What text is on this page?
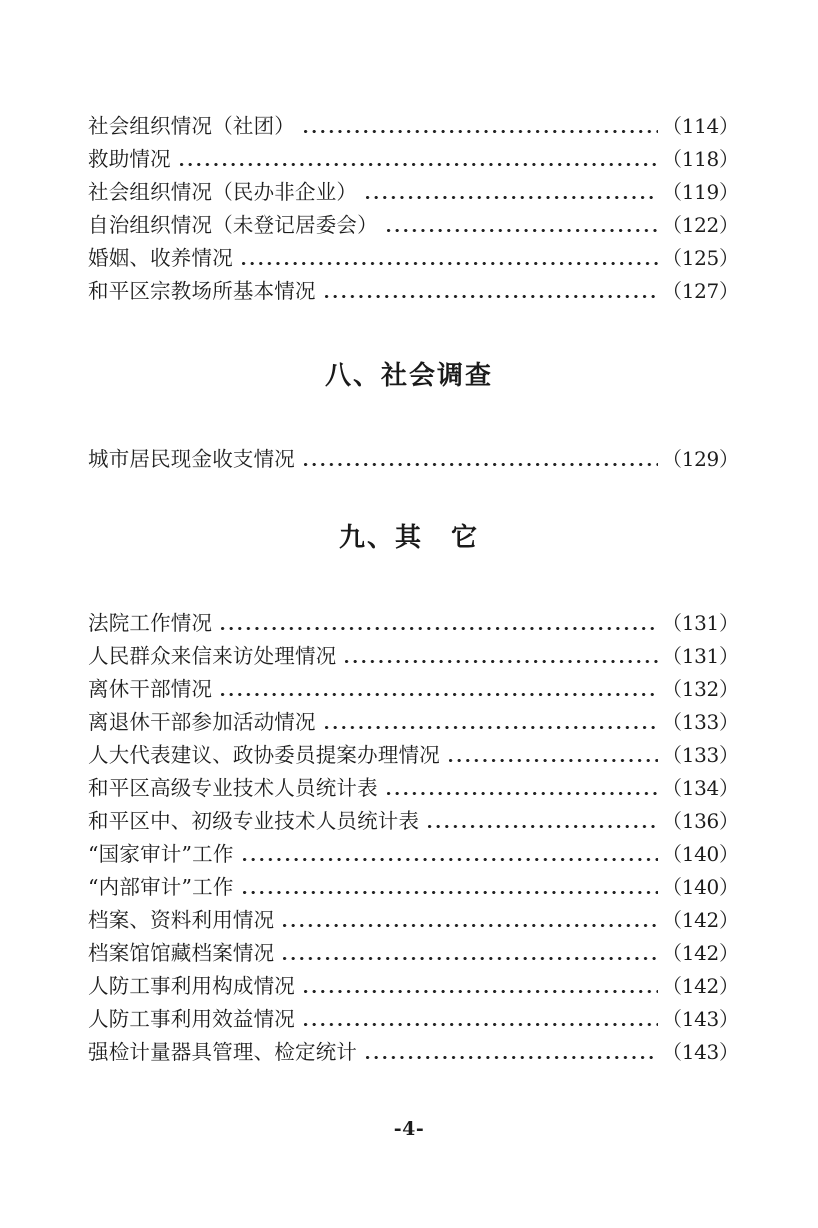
社会组织情况（社团）	（114）
救助情况	（118）
社会组织情况（民办非企业）	（119）
自治组织情况（未登记居委会）	（122）
婚姻、收养情况	（125）
和平区宗教场所基本情况	（127）
八、社会调查
城市居民现金收支情况	（129）
九、其　它
法院工作情况	（131）
人民群众来信来访处理情况	（131）
离休干部情况	（132）
离退休干部参加活动情况	（133）
人大代表建议、政协委员提案办理情况	（133）
和平区高级专业技术人员统计表	（134）
和平区中、初级专业技术人员统计表	（136）
“国家审计”工作	（140）
“内部审计”工作	（140）
档案、资料利用情况	（142）
档案馆馆藏档案情况	（142）
人防工事利用构成情况	（142）
人防工事利用效益情况	（143）
强检计量器具管理、检定统计	（143）
-4-
